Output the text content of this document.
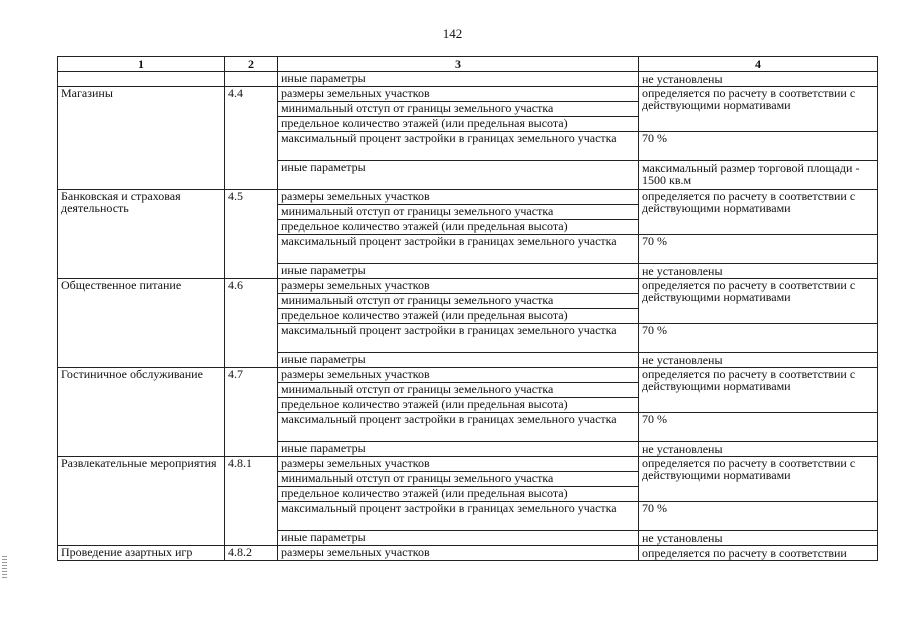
142
1	2	3	4
		иные параметры	не установлены
Магазины	4.4	размеры земельных участков	определяется по расчету в соответствии с действующими нормативами
		минимальный отступ от границы земельного участка	
		предельное количество этажей (или предельная высота)	
		максимальный процент застройки в границах земельного участка	70 %
		иные параметры	максимальный размер торговой площади - 1500 кв.м

Банковская и страховая деятельность	4.5	размеры земельных участков	определяется по расчету в соответствии с действующими нормативами
		минимальный отступ от границы земельного участка	
		предельное количество этажей (или предельная высота)	
		максимальный процент застройки в границах земельного участка	70 %
		иные параметры	не установлены

Общественное питание	4.6	размеры земельных участков	определяется по расчету в соответствии с действующими нормативами
		минимальный отступ от границы земельного участка	
		предельное количество этажей (или предельная высота)	
		максимальный процент застройки в границах земельного участка	70 %
		иные параметры	не установлены

Гостиничное обслуживание	4.7	размеры земельных участков	определяется по расчету в соответствии с действующими нормативами
		минимальный отступ от границы земельного участка	
		предельное количество этажей (или предельная высота)	
		максимальный процент застройки в границах земельного участка	70 %
		иные параметры	не установлены

Развлекательные мероприятия	4.8.1	размеры земельных участков	определяется по расчету в соответствии с действующими нормативами
		минимальный отступ от границы земельного участка	
		предельное количество этажей (или предельная высота)	
		максимальный процент застройки в границах земельного участка	70 %
		иные параметры	не установлены

Проведение азартных игр	4.8.2	размеры земельных участков	определяется по расчету в соответствии
